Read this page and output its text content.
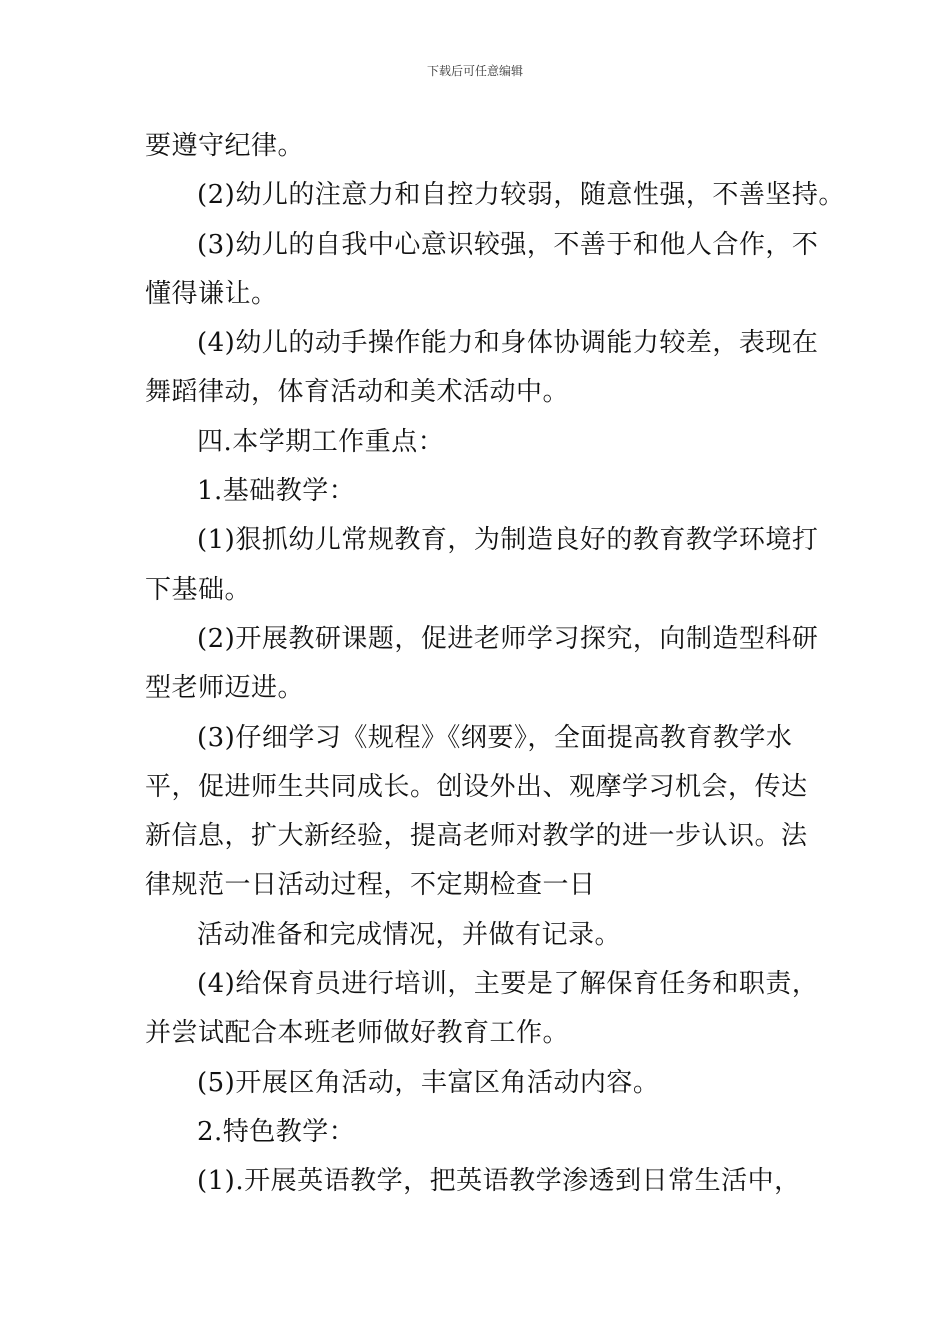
下载后可任意编辑
要遵守纪律。
(2)幼儿的注意力和自控力较弱，随意性强，不善坚持。
(3)幼儿的自我中心意识较强，不善于和他人合作，不
懂得谦让。
(4)幼儿的动手操作能力和身体协调能力较差，表现在
舞蹈律动，体育活动和美术活动中。
四.本学期工作重点：
1.基础教学：
(1)狠抓幼儿常规教育，为制造良好的教育教学环境打
下基础。
(2)开展教研课题，促进老师学习探究，向制造型科研
型老师迈进。
(3)仔细学习《规程》《纲要》，全面提高教育教学水
平，促进师生共同成长。创设外出、观摩学习机会，传达
新信息，扩大新经验，提高老师对教学的进一步认识。法
律规范一日活动过程，不定期检查一日
活动准备和完成情况，并做有记录。
(4)给保育员进行培训，主要是了解保育任务和职责，
并尝试配合本班老师做好教育工作。
(5)开展区角活动，丰富区角活动内容。
2.特色教学：
(1).开展英语教学，把英语教学渗透到日常生活中，
